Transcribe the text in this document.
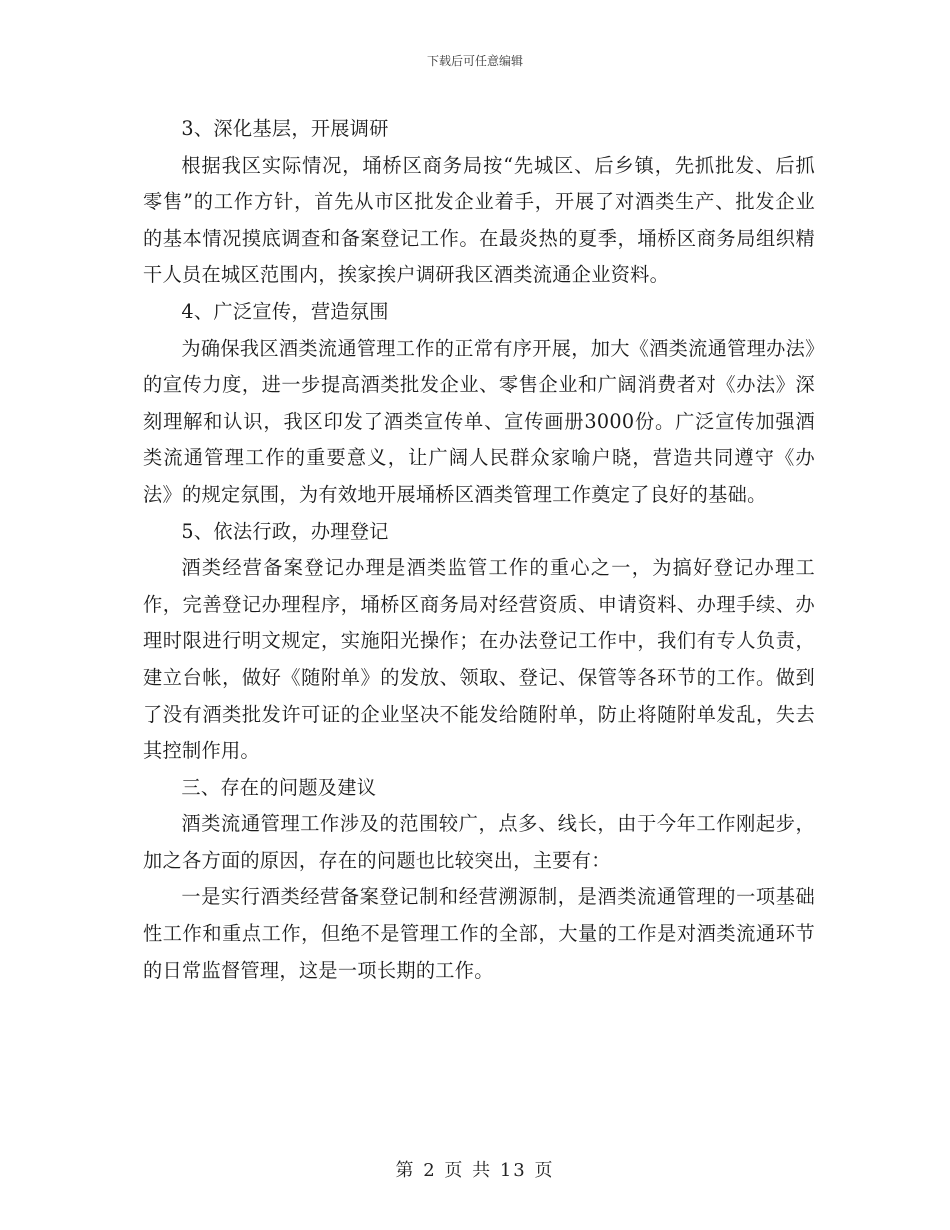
下载后可任意编辑

3、深化基层，开展调研

根据我区实际情况，埇桥区商务局按“先城区、后乡镇，先抓批发、后抓零售”的工作方针，首先从市区批发企业着手，开展了对酒类生产、批发企业的基本情况摸底调查和备案登记工作。在最炎热的夏季，埇桥区商务局组织精干人员在城区范围内，挨家挨户调研我区酒类流通企业资料。

4、广泛宣传，营造氛围

为确保我区酒类流通管理工作的正常有序开展，加大《酒类流通管理办法》的宣传力度，进一步提高酒类批发企业、零售企业和广阔消费者对《办法》深刻理解和认识，我区印发了酒类宣传单、宣传画册3000份。广泛宣传加强酒类流通管理工作的重要意义，让广阔人民群众家喻户晓，营造共同遵守《办法》的规定氛围，为有效地开展埇桥区酒类管理工作奠定了良好的基础。

5、依法行政，办理登记

酒类经营备案登记办理是酒类监管工作的重心之一，为搞好登记办理工作，完善登记办理程序，埇桥区商务局对经营资质、申请资料、办理手续、办理时限进行明文规定，实施阳光操作；在办法登记工作中，我们有专人负责，建立台帐，做好《随附单》的发放、领取、登记、保管等各环节的工作。做到了没有酒类批发许可证的企业坚决不能发给随附单，防止将随附单发乱，失去其控制作用。

三、存在的问题及建议

酒类流通管理工作涉及的范围较广，点多、线长，由于今年工作刚起步，加之各方面的原因，存在的问题也比较突出，主要有：

一是实行酒类经营备案登记制和经营溯源制，是酒类流通管理的一项基础性工作和重点工作，但绝不是管理工作的全部，大量的工作是对酒类流通环节的日常监督管理，这是一项长期的工作。

第 2 页 共 13 页
